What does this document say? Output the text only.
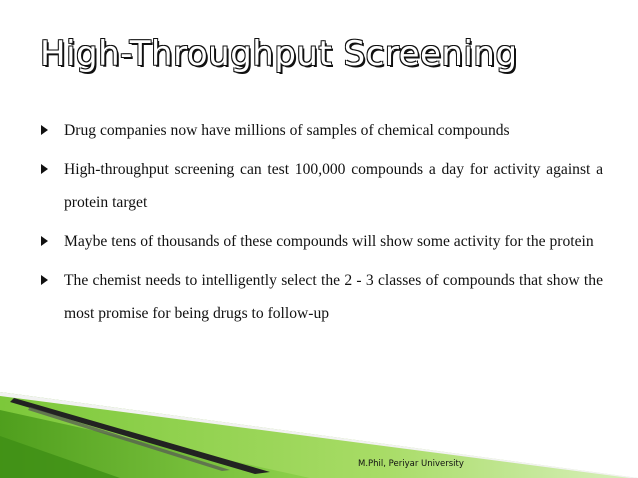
High-Throughput Screening
Drug companies now have millions of samples of chemical compounds
High-throughput screening can test 100,000 compounds a day for activity against a protein target
Maybe tens of thousands of these compounds will show some activity for the protein
The chemist needs to intelligently select the 2 - 3 classes of compounds that show the most promise for being drugs to follow-up
M.Phil, Periyar University
